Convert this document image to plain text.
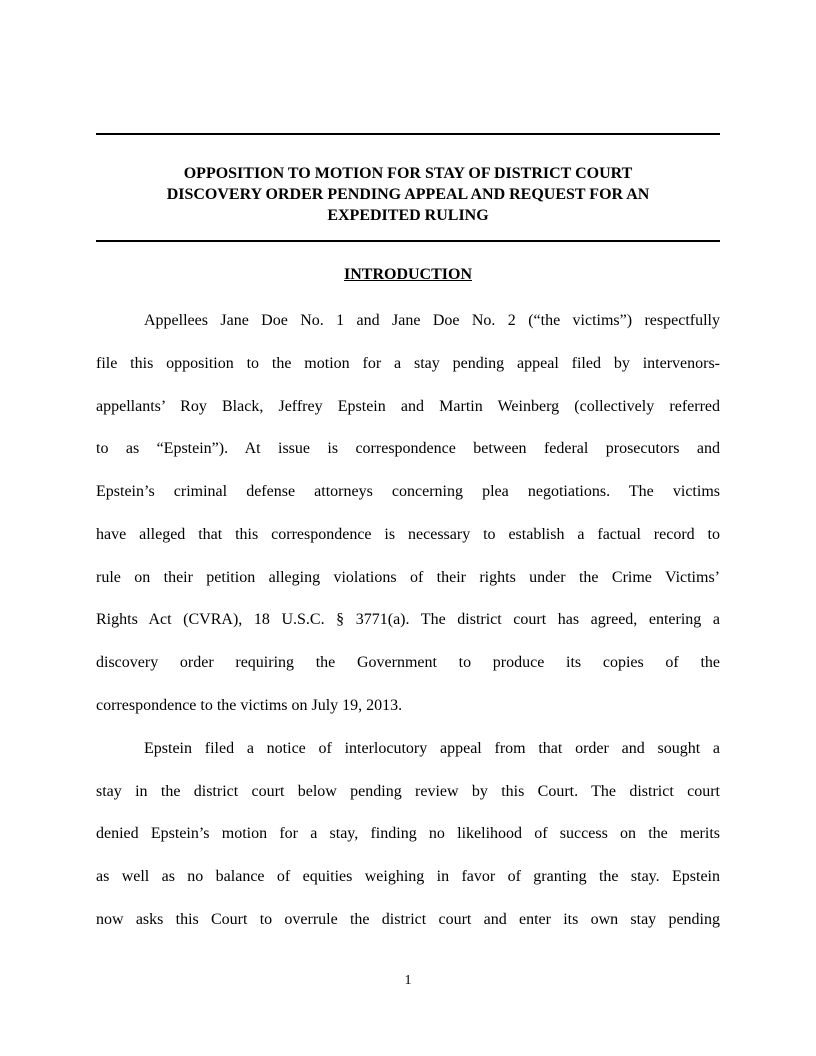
OPPOSITION TO MOTION FOR STAY OF DISTRICT COURT
DISCOVERY ORDER PENDING APPEAL AND REQUEST FOR AN
EXPEDITED RULING
INTRODUCTION
Appellees Jane Doe No. 1 and Jane Doe No. 2 (“the victims”) respectfully
file this opposition to the motion for a stay pending appeal filed by intervenors-
appellants’ Roy Black, Jeffrey Epstein and Martin Weinberg (collectively referred
to as “Epstein”). At issue is correspondence between federal prosecutors and
Epstein’s criminal defense attorneys concerning plea negotiations. The victims
have alleged that this correspondence is necessary to establish a factual record to
rule on their petition alleging violations of their rights under the Crime Victims’
Rights Act (CVRA), 18 U.S.C. § 3771(a). The district court has agreed, entering a
discovery order requiring the Government to produce its copies of the
correspondence to the victims on July 19, 2013.
Epstein filed a notice of interlocutory appeal from that order and sought a
stay in the district court below pending review by this Court. The district court
denied Epstein’s motion for a stay, finding no likelihood of success on the merits
as well as no balance of equities weighing in favor of granting the stay. Epstein
now asks this Court to overrule the district court and enter its own stay pending
1
